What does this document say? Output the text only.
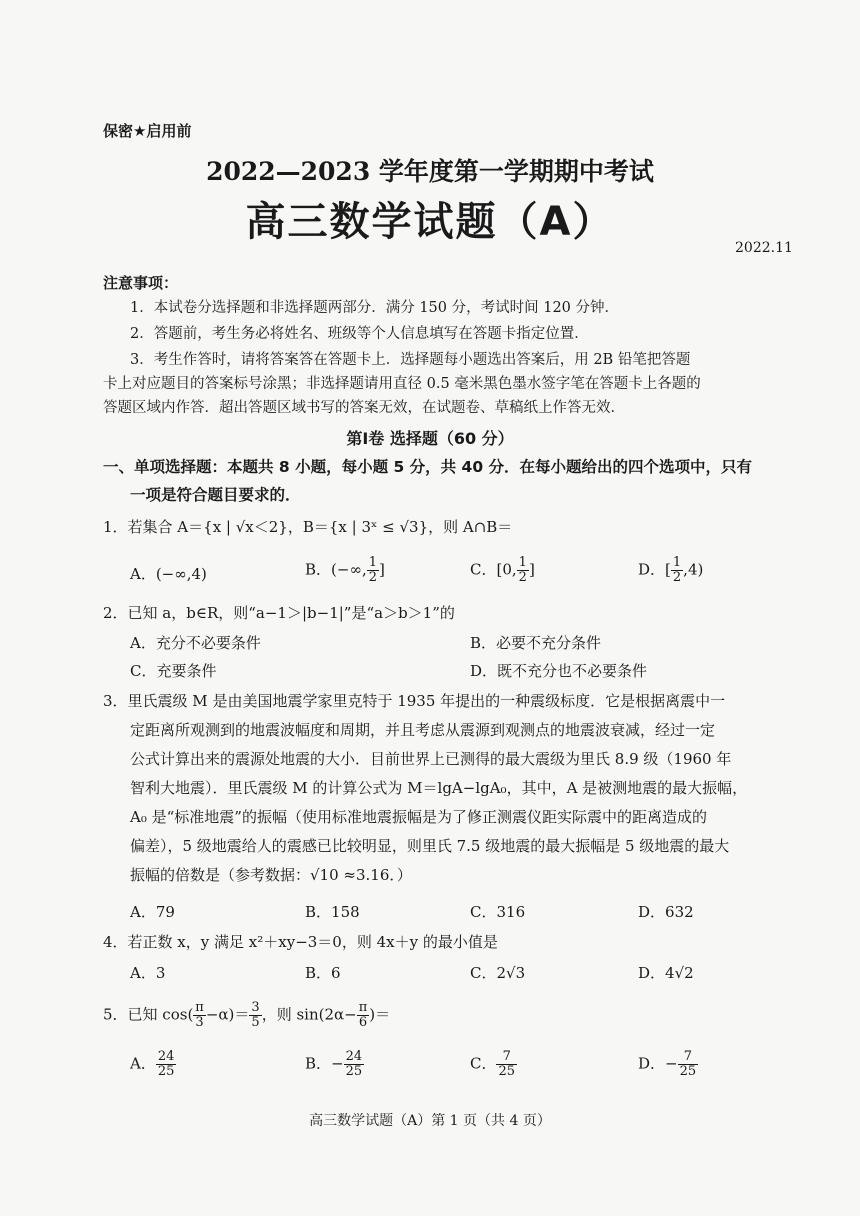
保密★启用前
2022—2023 学年度第一学期期中考试
高三数学试题（A）
2022.11
注意事项：
1．本试卷分选择题和非选择题两部分．满分 150 分，考试时间 120 分钟．
2．答题前，考生务必将姓名、班级等个人信息填写在答题卡指定位置．
3．考生作答时，请将答案答在答题卡上．选择题每小题选出答案后，用 2B 铅笔把答题
卡上对应题目的答案标号涂黑；非选择题请用直径 0.5 毫米黑色墨水签字笔在答题卡上各题的
答题区域内作答．超出答题区域书写的答案无效，在试题卷、草稿纸上作答无效．
第Ⅰ卷 选择题（60 分）
一、单项选择题：本题共 8 小题，每小题 5 分，共 40 分．在每小题给出的四个选项中，只有
一项是符合题目要求的．
1．若集合 A＝{x | √x＜2}，B＝{x | 3ˣ ≤ √3}，则 A∩B＝
A．(−∞,4)	B．(−∞, $\frac{1}{2}$ ]	C．[0, $\frac{1}{2}$ ]	D．[ $\frac{1}{2} ,4$)
2．已知 a，b∈R，则“a−1＞|b−1|”是“a＞b＞1”的
A．充分不必要条件	B．必要不充分条件
C．充要条件	D．既不充分也不必要条件
3．里氏震级 M 是由美国地震学家里克特于 1935 年提出的一种震级标度．它是根据离震中一
定距离所观测到的地震波幅度和周期，并且考虑从震源到观测点的地震波衰减，经过一定
公式计算出来的震源处地震的大小．目前世界上已测得的最大震级为里氏 8.9 级（1960 年
智利大地震）．里氏震级 M 的计算公式为 M＝lgA−lgA₀，其中，A 是被测地震的最大振幅，
A₀ 是“标准地震”的振幅（使用标准地震振幅是为了修正测震仪距实际震中的距离造成的
偏差），5 级地震给人的震感已比较明显，则里氏 7.5 级地震的最大振幅是 5 级地震的最大
振幅的倍数是（参考数据：√10 ≈3.16．）
A．79	B．158	C．316	D．632
4．若正数 x，y 满足 x²＋xy−3＝0，则 4x＋y 的最小值是
A．3	B．6	C．2√3	D．4√2
5．已知 $\cos( \frac{\pi}{3} -\alpha)= \frac{3}{5}$ ，则 $\sin(2\alpha- \frac{\pi}{6}$ )＝
A． $\frac{24}{25}$	B．− $\frac{24}{25}$	C． $\frac{7}{25}$	D．− $\frac{7}{25}$
高三数学试题（A）第 1 页（共 4 页）
